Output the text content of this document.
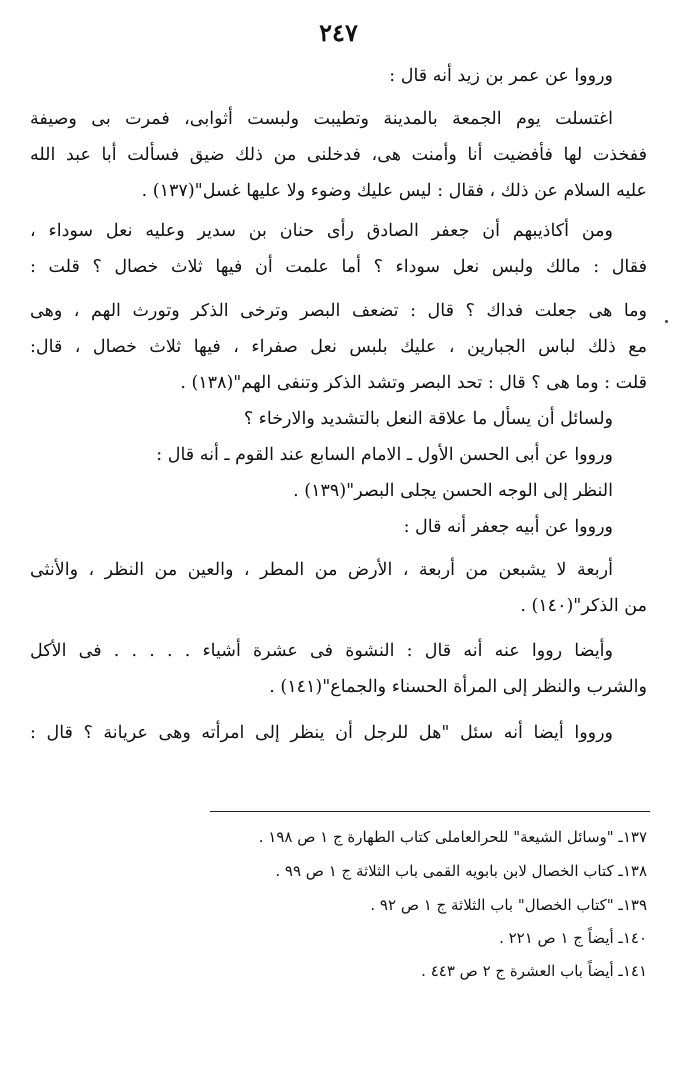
٢٤٧
ورووا عن عمر بن زيد أنه قال :
اغتسلت يوم الجمعة بالمدينة وتطيبت ولبست أثوابى، فمرت بى وصيفة
ففخذت لها فأفضيت أنا وأمنت هى، فدخلنى من ذلك ضيق فسألت أبا عبد الله
عليه السلام عن ذلك ، فقال : ليس عليك وضوء ولا عليها غسل"(١٣٧) .
ومن أكاذيبهم أن جعفر الصادق رأى حنان بن سدير وعليه نعل سوداء ،
فقال : مالك ولبس نعل سوداء ؟ أما علمت أن فيها ثلاث خصال ؟ قلت :
وما هى جعلت فداك ؟ قال : تضعف البصر وترخى الذكر وتورث الهم ، وهى
مع ذلك لباس الجبارين ، عليك بلبس نعل صفراء ، فيها ثلاث خصال ، قال:
قلت : وما هى ؟ قال : تحد البصر وتشد الذكر وتنفى الهم"(١٣٨) .
ولسائل أن يسأل ما علاقة النعل بالتشديد والارخاء ؟
ورووا عن أبى الحسن الأول ـ الامام السابع عند القوم ـ أنه قال :
النظر إلى الوجه الحسن يجلى البصر"(١٣٩) .
ورووا عن أبيه جعفر أنه قال :
أربعة لا يشبعن من أربعة ، الأرض من المطر ، والعين من النظر ، والأنثى
من الذكر"(١٤٠) .
وأيضا رووا عنه أنه قال : النشوة فى عشرة أشياء . . . . . فى الأكل
والشرب والنظر إلى المرأة الحسناء والجماع"(١٤١) .
ورووا أيضا أنه سئل "هل للرجل أن ينظر إلى امرأته وهى عريانة ؟ قال :
١٣٧ـ "وسائل الشيعة" للحرالعاملى كتاب الطهارة ج ١ ص ١٩٨ .
١٣٨ـ كتاب الخصال لابن بابويه القمى باب الثلاثة ج ١ ص ٩٩ .
١٣٩ـ "كتاب الخصال" باب الثلاثة ج ١ ص ٩٢ .
١٤٠ـ أيضاً ج ١ ص ٢٢١ .
١٤١ـ أيضاً باب العشرة ج ٢ ص ٤٤٣ .
